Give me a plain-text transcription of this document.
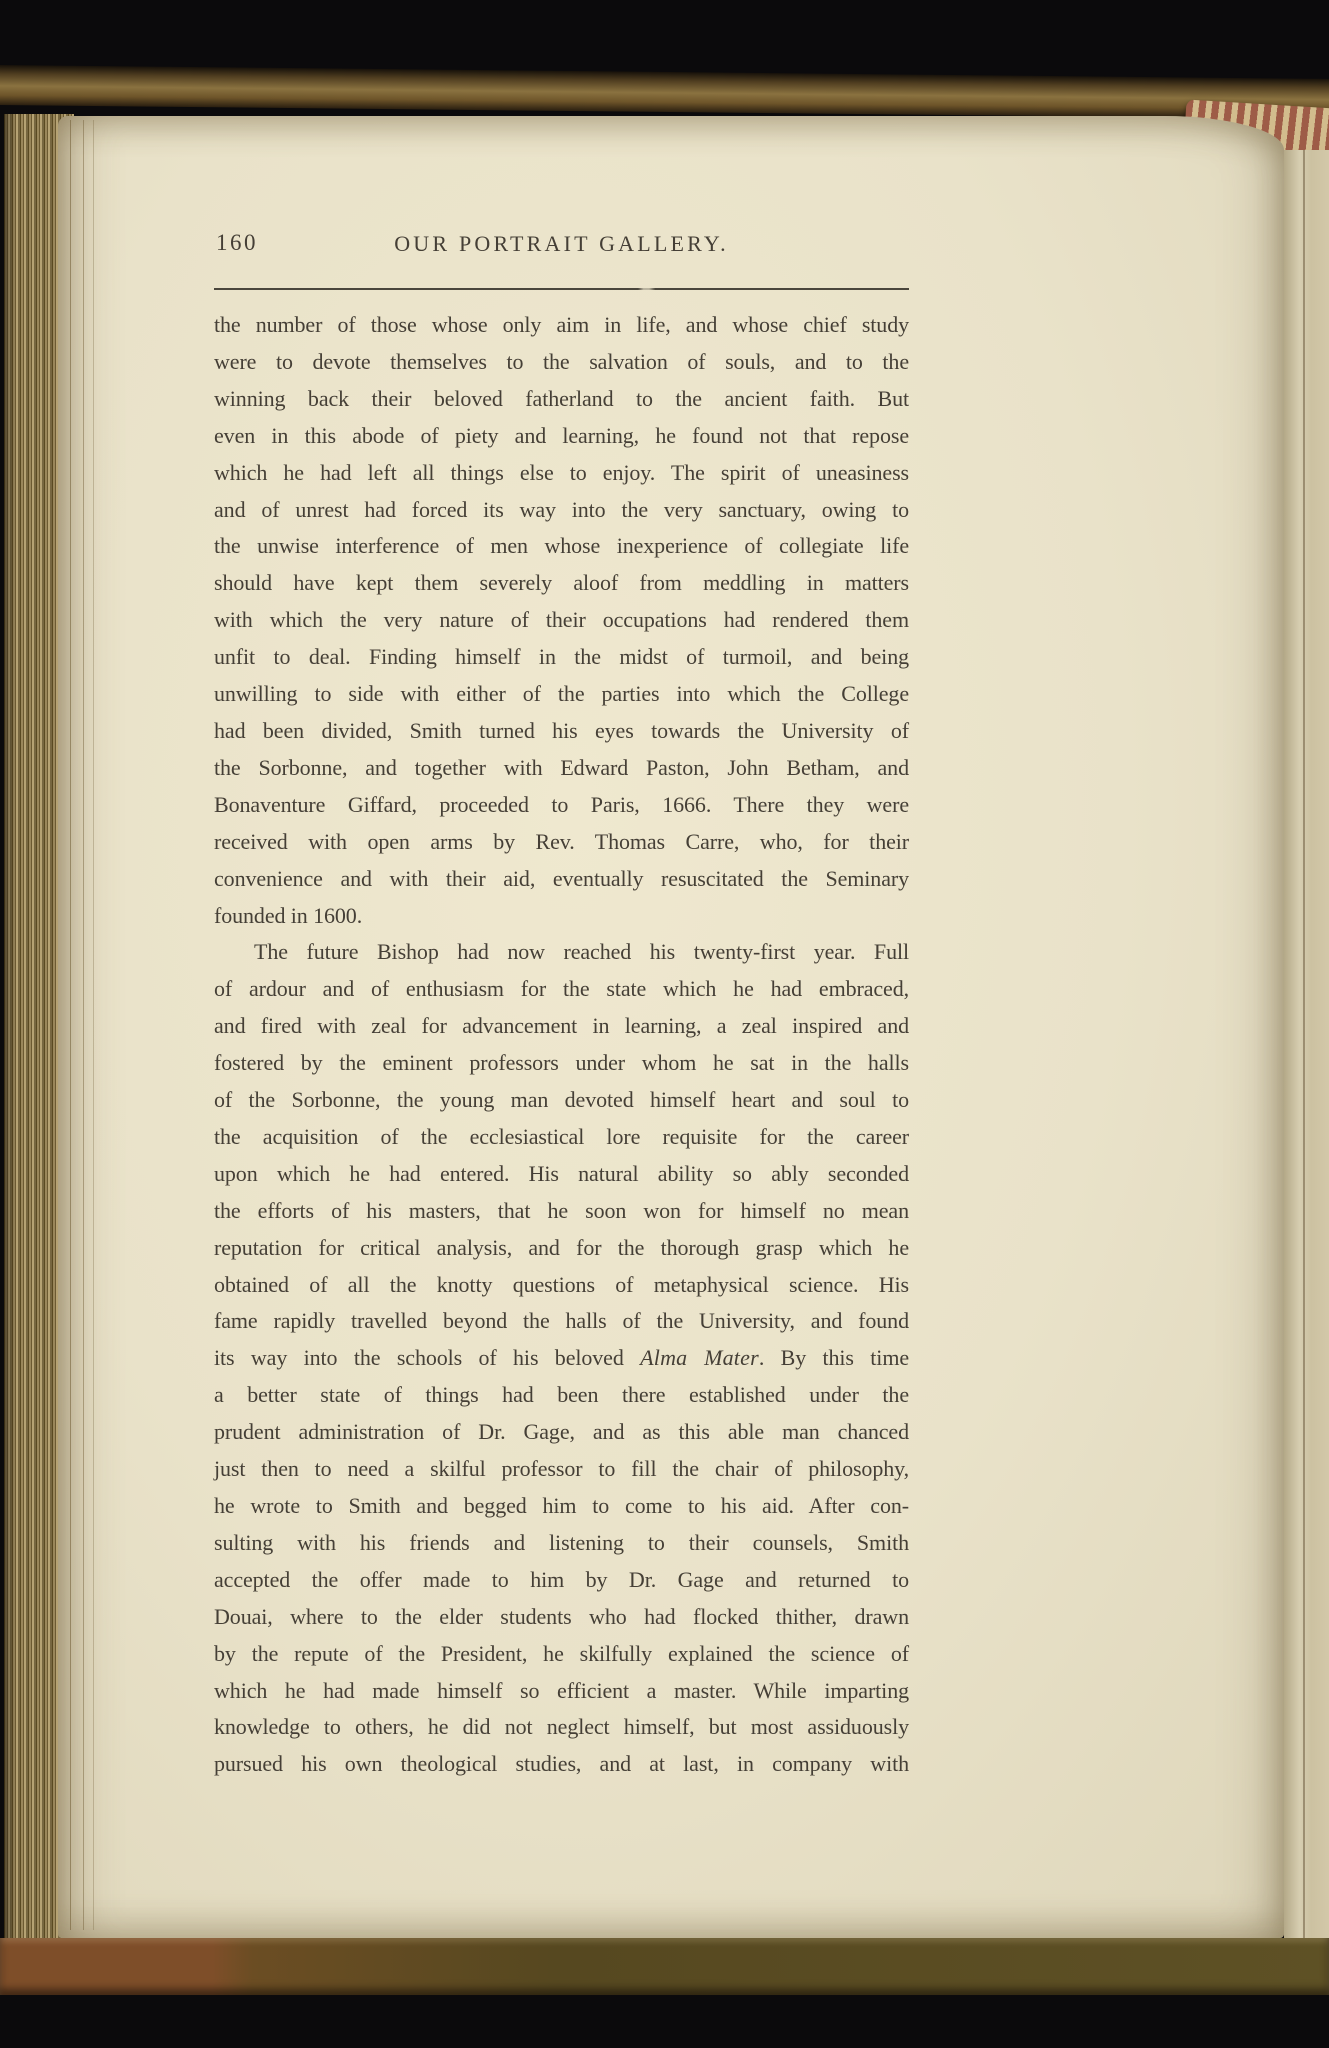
160	OUR PORTRAIT GALLERY.
the number of those whose only aim in life, and whose chief study
were to devote themselves to the salvation of souls, and to the
winning back their beloved fatherland to the ancient faith. But
even in this abode of piety and learning, he found not that repose
which he had left all things else to enjoy. The spirit of uneasiness
and of unrest had forced its way into the very sanctuary, owing to
the unwise interference of men whose inexperience of collegiate life
should have kept them severely aloof from meddling in matters
with which the very nature of their occupations had rendered them
unfit to deal. Finding himself in the midst of turmoil, and being
unwilling to side with either of the parties into which the College
had been divided, Smith turned his eyes towards the University of
the Sorbonne, and together with Edward Paston, John Betham, and
Bonaventure Giffard, proceeded to Paris, 1666. There they were
received with open arms by Rev. Thomas Carre, who, for their
convenience and with their aid, eventually resuscitated the Seminary
founded in 1600.
The future Bishop had now reached his twenty-first year. Full
of ardour and of enthusiasm for the state which he had embraced,
and fired with zeal for advancement in learning, a zeal inspired and
fostered by the eminent professors under whom he sat in the halls
of the Sorbonne, the young man devoted himself heart and soul to
the acquisition of the ecclesiastical lore requisite for the career
upon which he had entered. His natural ability so ably seconded
the efforts of his masters, that he soon won for himself no mean
reputation for critical analysis, and for the thorough grasp which he
obtained of all the knotty questions of metaphysical science. His
fame rapidly travelled beyond the halls of the University, and found
its way into the schools of his beloved Alma Mater. By this time
a better state of things had been there established under the
prudent administration of Dr. Gage, and as this able man chanced
just then to need a skilful professor to fill the chair of philosophy,
he wrote to Smith and begged him to come to his aid. After con-
sulting with his friends and listening to their counsels, Smith
accepted the offer made to him by Dr. Gage and returned to
Douai, where to the elder students who had flocked thither, drawn
by the repute of the President, he skilfully explained the science of
which he had made himself so efficient a master. While imparting
knowledge to others, he did not neglect himself, but most assiduously
pursued his own theological studies, and at last, in company with
